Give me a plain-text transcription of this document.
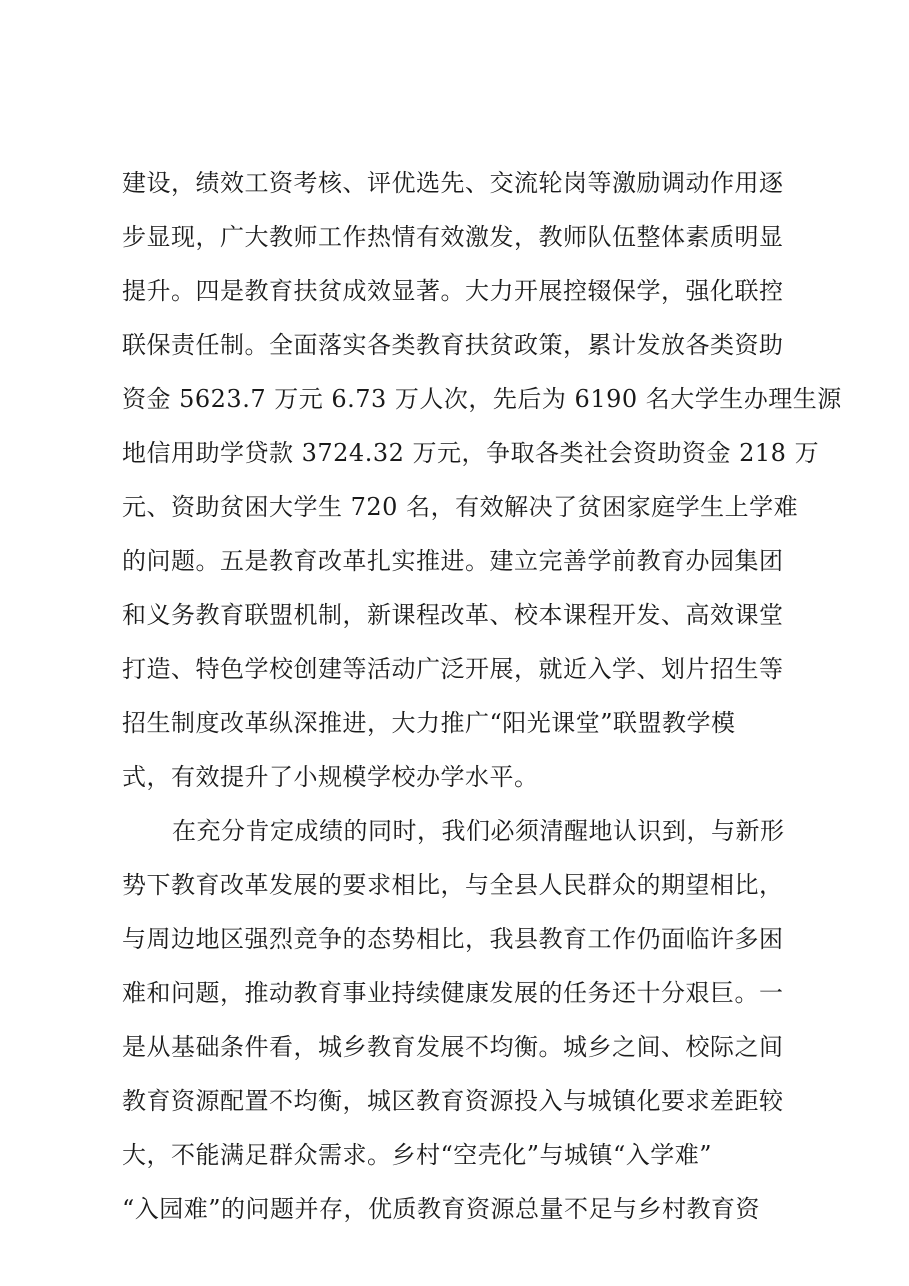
建设，绩效工资考核、评优选先、交流轮岗等激励调动作用逐
步显现，广大教师工作热情有效激发，教师队伍整体素质明显
提升。四是教育扶贫成效显著。大力开展控辍保学，强化联控
联保责任制。全面落实各类教育扶贫政策，累计发放各类资助
资金 5623.7 万元 6.73 万人次，先后为 6190 名大学生办理生源
地信用助学贷款 3724.32 万元，争取各类社会资助资金 218 万
元、资助贫困大学生 720 名，有效解决了贫困家庭学生上学难
的问题。五是教育改革扎实推进。建立完善学前教育办园集团
和义务教育联盟机制，新课程改革、校本课程开发、高效课堂
打造、特色学校创建等活动广泛开展，就近入学、划片招生等
招生制度改革纵深推进，大力推广“阳光课堂”联盟教学模
式，有效提升了小规模学校办学水平。
在充分肯定成绩的同时，我们必须清醒地认识到，与新形
势下教育改革发展的要求相比，与全县人民群众的期望相比，
与周边地区强烈竞争的态势相比，我县教育工作仍面临许多困
难和问题，推动教育事业持续健康发展的任务还十分艰巨。一
是从基础条件看，城乡教育发展不均衡。城乡之间、校际之间
教育资源配置不均衡，城区教育资源投入与城镇化要求差距较
大，不能满足群众需求。乡村“空壳化”与城镇“入学难”
“入园难”的问题并存，优质教育资源总量不足与乡村教育资
